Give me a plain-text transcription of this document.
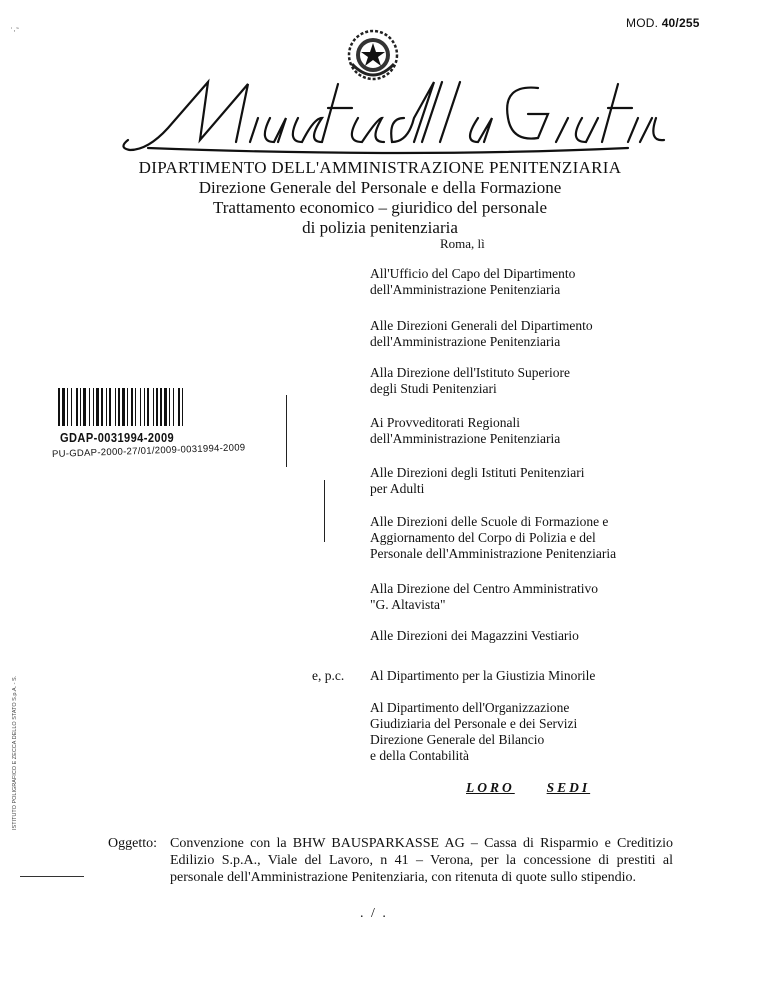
MOD. 40/255
˙·˜
DIPARTIMENTO DELL'AMMINISTRAZIONE PENITENZIARIA
Direzione Generale del Personale e della Formazione
Trattamento economico – giuridico del personale
di polizia penitenziaria
Roma, lì
All'Ufficio del Capo del Dipartimento
dell'Amministrazione Penitenziaria
Alle Direzioni Generali del Dipartimento
dell'Amministrazione Penitenziaria
Alla Direzione dell'Istituto Superiore
degli Studi Penitenziari
Ai Provveditorati Regionali
dell'Amministrazione Penitenziaria
Alle Direzioni degli Istituti Penitenziari
per Adulti
Alle Direzioni delle Scuole di Formazione e
Aggiornamento del Corpo di Polizia e del
Personale dell'Amministrazione Penitenziaria
Alla Direzione del Centro Amministrativo
"G. Altavista"
Alle Direzioni dei Magazzini Vestiario
e, p.c. Al Dipartimento per la Giustizia Minorile
Al Dipartimento dell'Organizzazione
Giudiziaria del Personale e dei Servizi
Direzione Generale del Bilancio
e della Contabilità
LORO SEDI
GDAP-0031994-2009
PU-GDAP-2000-27/01/2009-0031994-2009
ISTITUTO POLIGRAFICO E ZECCA DELLO STATO S.p.A. - S.
Oggetto: Convenzione con la BHW BAUSPARKASSE AG – Cassa di Risparmio e Creditizio Edilizio S.p.A., Viale del Lavoro, n 41 – Verona, per la concessione di prestiti al personale dell'Amministrazione Penitenziaria, con ritenuta di quote sullo stipendio.
. / .
